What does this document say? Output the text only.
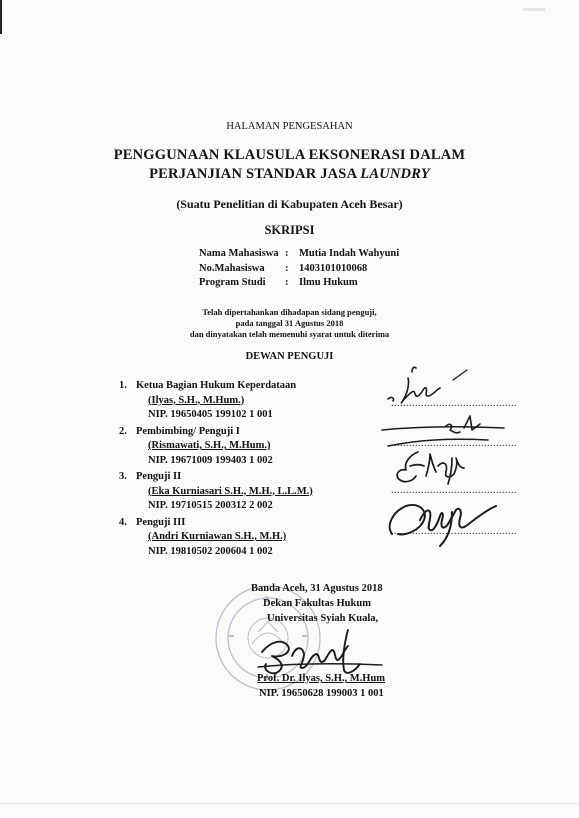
HALAMAN PENGESAHAN
PENGGUNAAN KLAUSULA EKSONERASI DALAM
PERJANJIAN STANDAR JASA LAUNDRY
(Suatu Penelitian di Kabupaten Aceh Besar)
SKRIPSI
Nama Mahasiswa :	Mutia Indah Wahyuni
No.Mahasiswa	:	1403101010068
Program Studi	:	Ilmu Hukum
Telah dipertahankan dihadapan sidang penguji,
pada tanggal 31 Agustus 2018
dan dinyatakan telah memenuhi syarat untuk diterima
DEWAN PENGUJI
1. Ketua Bagian Hukum Keperdataan
(Ilyas, S.H., M.Hum.)
NIP. 19650405 199102 1 001
2. Pembimbing/ Penguji I
(Rismawati, S.H., M.Hum.)
NIP. 19671009 199403 1 002
3. Penguji II
(Eka Kurniasari S.H., M.H., L.L.M.)
NIP. 19710515 200312 2 002
4. Penguji III
(Andri Kurniawan S.H., M.H.)
NIP. 19810502 200604 1 002
..........................................
..........................................
..........................................
..........................................
Banda Aceh, 31 Agustus 2018
Dekan Fakultas Hukum
Universitas Syiah Kuala,
Prof. Dr. Ilyas, S.H., M.Hum
NIP. 19650628 199003 1 001
